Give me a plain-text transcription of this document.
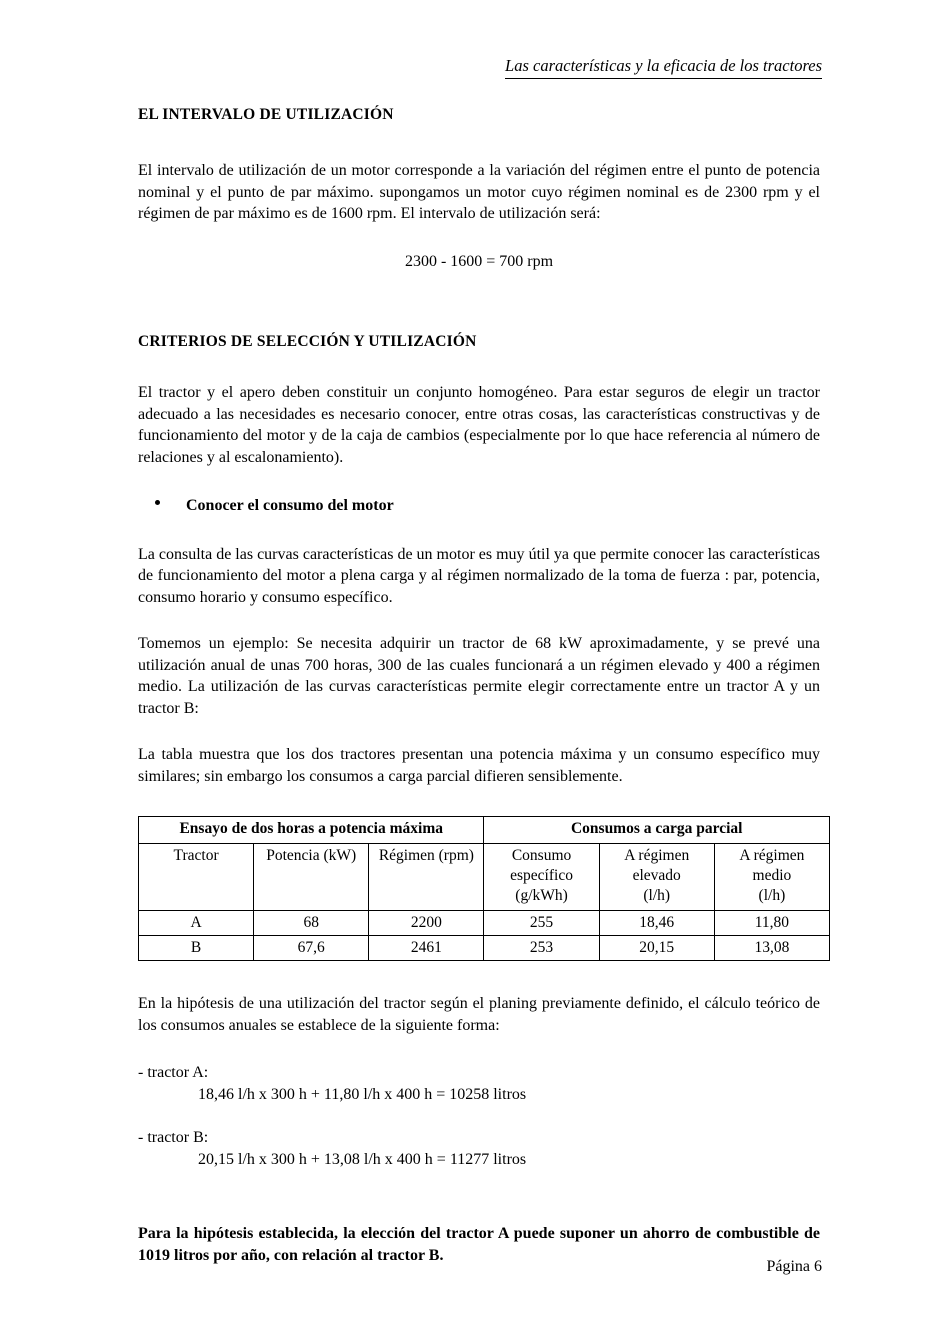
Las características y la eficacia de los tractores
EL INTERVALO DE UTILIZACIÓN

El intervalo de utilización de un motor corresponde a la variación del régimen entre el punto de potencia nominal y el punto de par máximo. supongamos un motor cuyo régimen nominal es de 2300 rpm y el régimen de par máximo es de 1600 rpm. El intervalo de utilización será:

2300 - 1600 = 700 rpm

CRITERIOS DE SELECCIÓN Y UTILIZACIÓN

El tractor y el apero deben constituir un conjunto homogéneo. Para estar seguros de elegir un tractor adecuado a las necesidades es necesario conocer, entre otras cosas, las características constructivas y de funcionamiento del motor y de la caja de cambios (especialmente por lo que hace referencia al número de relaciones y al escalonamiento).

Conocer el consumo del motor

La consulta de las curvas características de un motor es muy útil ya que permite conocer las características de funcionamiento del motor a plena carga y al régimen normalizado de la toma de fuerza : par, potencia, consumo horario y consumo específico.

Tomemos un ejemplo: Se necesita adquirir un tractor de 68 kW aproximadamente, y se prevé una utilización anual de unas 700 horas, 300 de las cuales funcionará a un régimen elevado y 400 a régimen medio. La utilización de las curvas características permite elegir correctamente entre un tractor A y un tractor B:

La tabla muestra que los dos tractores presentan una potencia máxima y un consumo específico muy similares; sin embargo los consumos a carga parcial difieren sensiblemente.

Ensayo de dos horas a potencia máxima			Consumos a carga parcial		

Tractor	Potencia (kW)	Régimen (rpm)	Consumo
específico
(g/kWh)	A régimen
elevado
(l/h)	A régimen
medio
(l/h)

A	68	2200	255	18,46	11,80
B	67,6	2461	253	20,15	13,08

En la hipótesis de una utilización del tractor según el planing previamente definido, el cálculo teórico de los consumos anuales se establece de la siguiente forma:

- tractor A:

18,46 l/h x 300 h + 11,80 l/h x 400 h = 10258 litros

- tractor B:

20,15 l/h x 300 h + 13,08 l/h x 400 h = 11277 litros

Para la hipótesis establecida, la elección del tractor A puede suponer un ahorro de combustible de 1019 litros por año, con relación al tractor B.

Página 6
